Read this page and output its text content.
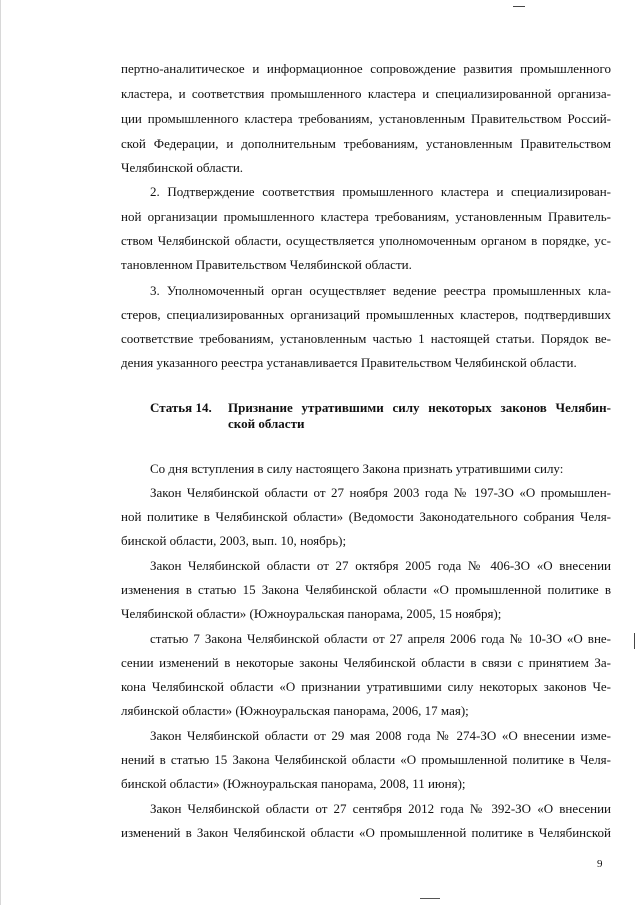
пертно-аналитическое и информационное сопровождение развития промышленного
кластера, и соответствия промышленного кластера и специализированной организа-
ции промышленного кластера требованиям, установленным Правительством Россий-
ской Федерации, и дополнительным требованиям, установленным Правительством
Челябинской области.
2. Подтверждение соответствия промышленного кластера и специализирован-
ной организации промышленного кластера требованиям, установленным Правитель-
ством Челябинской области, осуществляется уполномоченным органом в порядке, ус-
тановленном Правительством Челябинской области.
3. Уполномоченный орган осуществляет ведение реестра промышленных кла-
стеров, специализированных организаций промышленных кластеров, подтвердивших
соответствие требованиям, установленным частью 1 настоящей статьи. Порядок ве-
дения указанного реестра устанавливается Правительством Челябинской области.
Статья 14. Признание утратившими силу некоторых законов Челябин-
ской области
Со дня вступления в силу настоящего Закона признать утратившими силу:
Закон Челябинской области от 27 ноября 2003 года № 197-ЗО «О промышлен-
ной политике в Челябинской области» (Ведомости Законодательного собрания Челя-
бинской области, 2003, вып. 10, ноябрь);
Закон Челябинской области от 27 октября 2005 года № 406-ЗО «О внесении
изменения в статью 15 Закона Челябинской области «О промышленной политике в
Челябинской области» (Южноуральская панорама, 2005, 15 ноября);
статью 7 Закона Челябинской области от 27 апреля 2006 года № 10-ЗО «О вне-
сении изменений в некоторые законы Челябинской области в связи с принятием За-
кона Челябинской области «О признании утратившими силу некоторых законов Че-
лябинской области» (Южноуральская панорама, 2006, 17 мая);
Закон Челябинской области от 29 мая 2008 года № 274-ЗО «О внесении изме-
нений в статью 15 Закона Челябинской области «О промышленной политике в Челя-
бинской области» (Южноуральская панорама, 2008, 11 июня);
Закон Челябинской области от 27 сентября 2012 года № 392-ЗО «О внесении
изменений в Закон Челябинской области «О промышленной политике в Челябинской
9
